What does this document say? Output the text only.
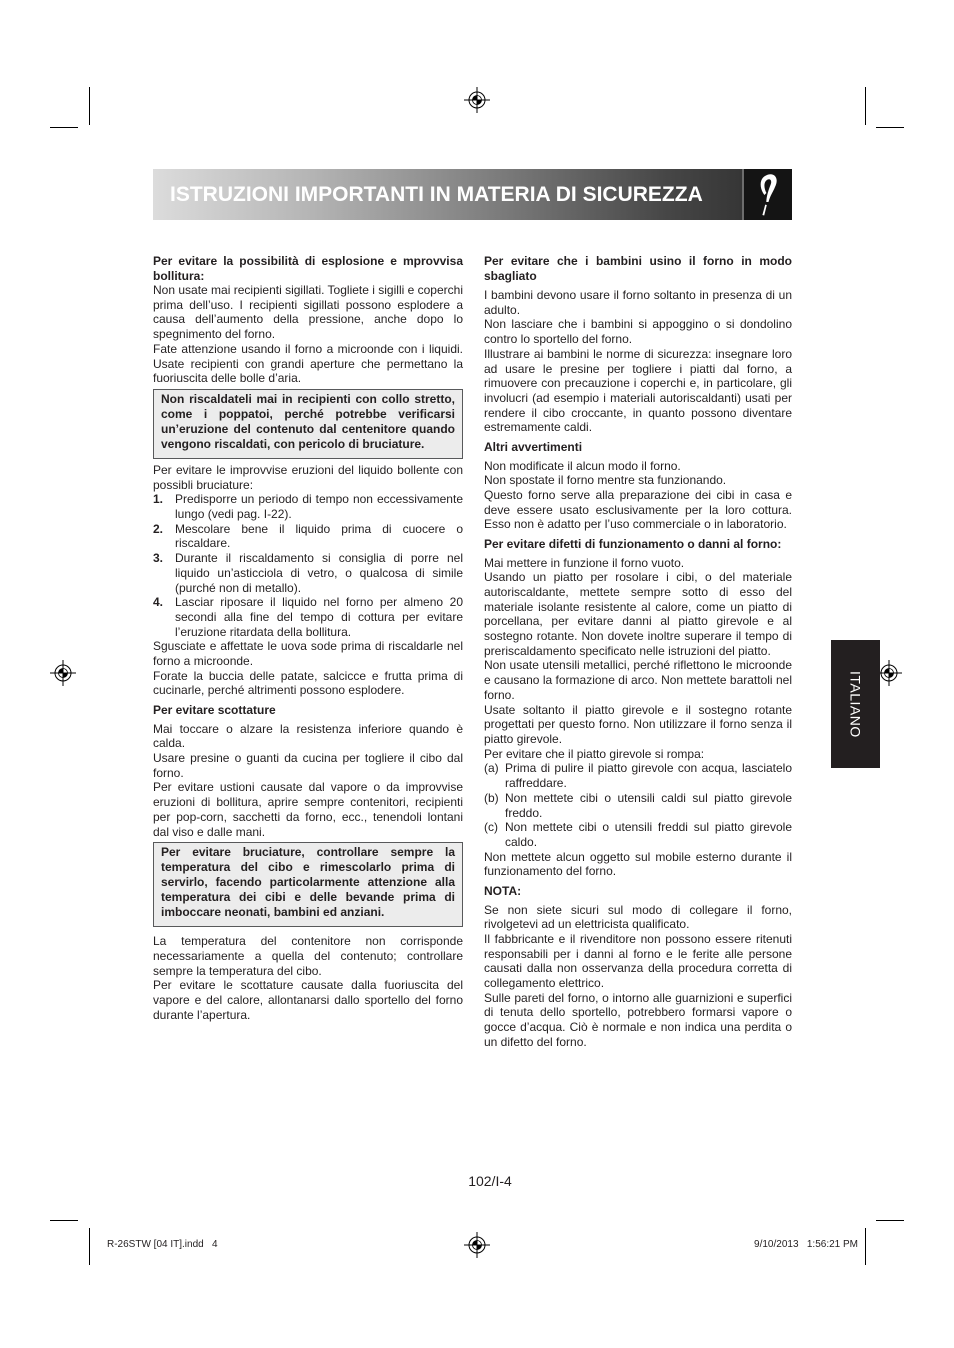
ISTRUZIONI IMPORTANTI IN MATERIA DI SICUREZZA
ITALIANO

Per evitare la possibilità di esplosione e mprovvisa bollitura:

Non usate mai recipienti sigillati. Togliete i sigilli e coperchi prima dell’uso. I recipienti sigillati possono esplodere a causa dell’aumento della pressione, anche dopo lo spegnimento del forno.

Fate attenzione usando il forno a microonde con i liquidi. Usate recipienti con grandi aperture che permettano la fuoriuscita delle bolle d’aria.

Non riscaldateli mai in recipienti con collo stretto, come i poppatoi, perché potrebbe verificarsi un’eruzione del contenuto dal centenitore quando vengono riscaldati, con pericolo di bruciature.

Per evitare le improvvise eruzioni del liquido bollente con possibli bruciature:

1. Predisporre un periodo di tempo non eccessivamente lungo (vedi pag. I-22).
2. Mescolare bene il liquido prima di cuocere o riscaldare.
3. Durante il riscaldamento si consiglia di porre nel liquido un’asticciola di vetro, o qualcosa di simile (purché non di metallo).
4. Lasciar riposare il liquido nel forno per almeno 20 secondi alla fine del tempo di cottura per evitare l’eruzione ritardata della bollitura.

Sgusciate e affettate le uova sode prima di riscaldarle nel forno a microonde.

Forate la buccia delle patate, salcicce e frutta prima di cucinarle, perché altrimenti possono esplodere.

Per evitare scottature

Mai toccare o alzare la resistenza inferiore quando è calda.

Usare presine o guanti da cucina per togliere il cibo dal forno.

Per evitare ustioni causate dal vapore o da improvvise eruzioni di bollitura, aprire sempre contenitori, recipienti per pop-corn, sacchetti da forno, ecc., tenendoli lontani dal viso e dalle mani.

Per evitare bruciature, controllare sempre la temperatura del cibo e rimescolarlo prima di servirlo, facendo particolarmente attenzione alla temperatura dei cibi e delle bevande prima di imboccare neonati, bambini ed anziani.

La temperatura del contenitore non corrisponde necessariamente a quella del contenuto; controllare sempre la temperatura del cibo.

Per evitare le scottature causate dalla fuoriuscita del vapore e del calore, allontanarsi dallo sportello del forno durante l’apertura.

Per evitare che i bambini usino il forno in modo sbagliato

I bambini devono usare il forno soltanto in presenza di un adulto.

Non lasciare che i bambini si appoggino o si dondolino contro lo sportello del forno.

Illustrare ai bambini le norme di sicurezza: insegnare loro ad usare le presine per togliere i piatti dal forno, a rimuovere con precauzione i coperchi e, in particolare, gli involucri (ad esempio i materiali autoriscaldanti) usati per rendere il cibo croccante, in quanto possono diventare estremamente caldi.

Altri avvertimenti

Non modificate il alcun modo il forno.

Non spostate il forno mentre sta funzionando.

Questo forno serve alla preparazione dei cibi in casa e deve essere usato esclusivamente per la loro cottura. Esso non è adatto per l’uso commerciale o in laboratorio.

Per evitare difetti di funzionamento o danni al forno:

Mai mettere in funzione il forno vuoto.

Usando un piatto per rosolare i cibi, o del materiale autoriscaldante, mettete sempre sotto di esso del materiale isolante resistente al calore, come un piatto di porcellana, per evitare danni al piatto girevole e al sostegno rotante. Non dovete inoltre superare il tempo di preriscaldamento specificato nelle istruzioni del piatto.

Non usate utensili metallici, perché riflettono le microonde e causano la formazione di arco. Non mettete barattoli nel forno.

Usate soltanto il piatto girevole e il sostegno rotante progettati per questo forno. Non utilizzare il forno senza il piatto girevole.

Per evitare che il piatto girevole si rompa:

(a) Prima di pulire il piatto girevole con acqua, lasciatelo raffreddare.
(b) Non mettete cibi o utensili caldi sul piatto girevole freddo.
(c) Non mettete cibi o utensili freddi sul piatto girevole caldo.

Non mettete alcun oggetto sul mobile esterno durante il funzionamento del forno.

NOTA:

Se non siete sicuri sul modo di collegare il forno, rivolgetevi ad un elettricista qualificato.

Il fabbricante e il rivenditore non possono essere ritenuti responsabili per i danni al forno e le ferite alle persone causati dalla non osservanza della procedura corretta di collegamento elettrico.

Sulle pareti del forno, o intorno alle guarnizioni e superfici di tenuta dello sportello, potrebbero formarsi vapore o gocce d’acqua. Ciò è normale e non indica una perdita o un difetto del forno.

102/I-4
R-26STW [04 IT].indd   4	9/10/2013   1:56:21 PM
